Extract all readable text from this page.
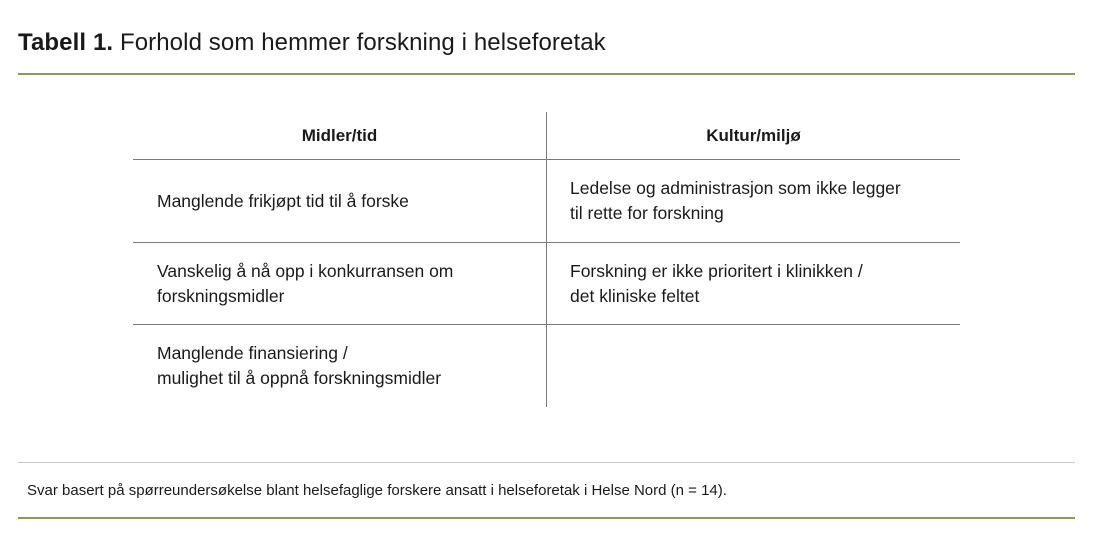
Tabell 1. Forhold som hemmer forskning i helseforetak
Midler/tid	Kultur/miljø
Manglende frikjøpt tid til å forske
Ledelse og administrasjon som ikke legger
til rette for forskning
Vanskelig å nå opp i konkurransen om
forskningsmidler
Forskning er ikke prioritert i klinikken /
det kliniske feltet
Manglende finansiering /
mulighet til å oppnå forskningsmidler
Svar basert på spørreundersøkelse blant helsefaglige forskere ansatt i helseforetak i Helse Nord (n = 14).
